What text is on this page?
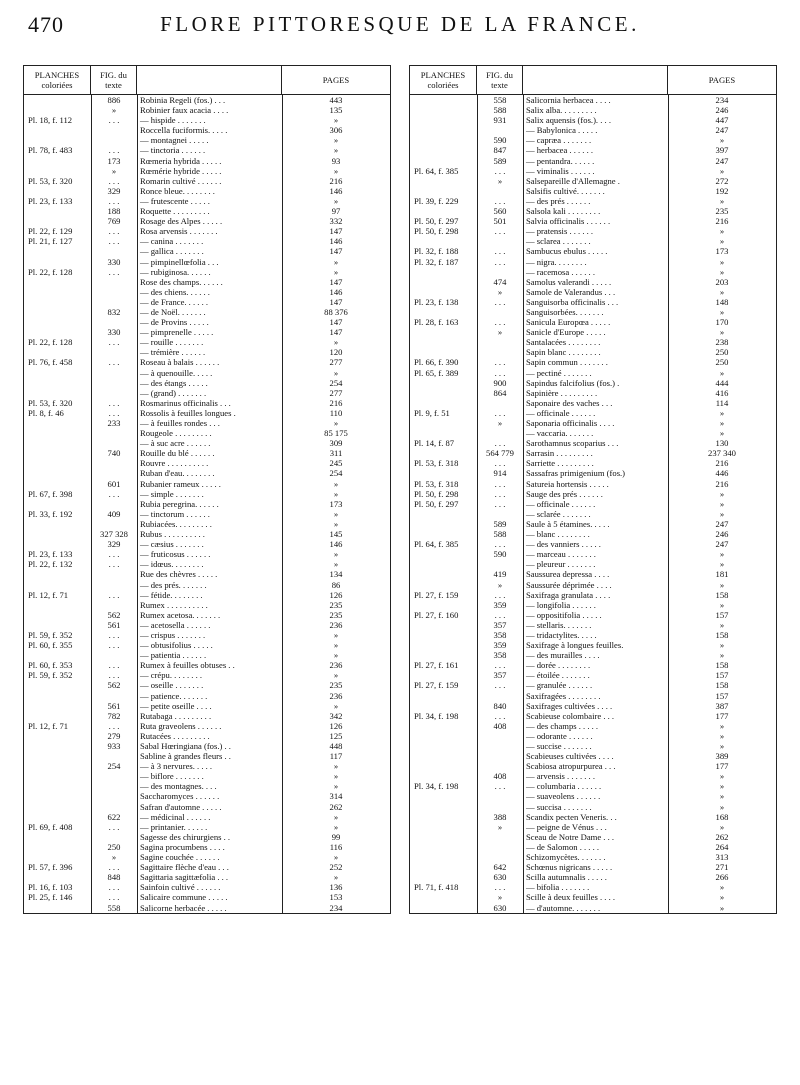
470	FLORE PITTORESQUE DE LA FRANCE.
PLANCHES coloriées
FIG. du texte	PAGES
886	Robinia Regeli (fos.) . . .	443
»	Robinier faux acacia . . . .	135
Pl. 18, f. 112	. . .	— hispide . . . . . . .	»
Roccella fuciformis. . . . .	306
— montagnei . . . . .	»
Pl. 78, f. 483	. . .	— tinctoria . . . . . .	»
173	Rœmeria hybrida . . . . .	93
»	Rœmérie hybride . . . . .	»
Pl. 53, f. 320	. . .	Romarin cultivé . . . . . .	216
329	Ronce bleue. . . . . . . .	146
Pl. 23, f. 133	. . .	— frutescente . . . . .	»
188	Roquette . . . . . . . . .	97
769	Rosage des Alpes . . . . .	332
Pl. 22, f. 129	. . .	Rosa arvensis . . . . . . .	147
Pl. 21, f. 127	. . .	— canina . . . . . . .	146
— gallica . . . . . . .	147
330	— pimpinellœfolia . . .	»
Pl. 22, f. 128	. . .	— rubiginosa. . . . . .	»
Rose des champs. . . . . .	147
— des chiens. . . . . .	146
— de France. . . . . .	147
832	— de Noël. . . . . . .	88 376
— de Provins . . . . .	147
330	— pimprenelle . . . . .	147
Pl. 22, f. 128	. . .	— rouille . . . . . . .	»
— trémière . . . . . .	120
Pl. 76, f. 458	. . .	Roseau à balais . . . . . .	277
— à quenouille. . . . .	»
— des étangs . . . . .	254
— (grand) . . . . . . .	277
Pl. 53, f. 320	. . .	Rosmarinus officinalis . . .	216
Pl. 8, f. 46	. . .	Rossolis à feuilles longues .	110
233	— à feuilles rondes . . .	»
Rougeole . . . . . . . . .	85 175
— à suc acre . . . . . .	309
740	Rouille du blé . . . . . .	311
Rouvre . . . . . . . . . .	245
Ruban d'eau. . . . . . . .	254
601	Rubanier rameux . . . . .	»
Pl. 67, f. 398	. . .	— simple . . . . . . .	»
Rubia peregrina. . . . . .	173
Pl. 33, f. 192	409	— tinctorum . . . . . .	»
Rubiacées. . . . . . . . .	»
327 328	Rubus . . . . . . . . . .	145
329	— cæsius . . . . . . .	146
Pl. 23, f. 133	. . .	— fruticosus . . . . . .	»
Pl. 22, f. 132	. . .	— idœus. . . . . . . .	»
Rue des chèvres . . . . .	134
— des prés. . . . . . .	86
Pl. 12, f. 71	. . .	— fétide. . . . . . . .	126
Rumex . . . . . . . . . .	235
562	Rumex acetosa. . . . . . .	235
561	— acetosella . . . . . .	236
Pl. 59, f. 352	. . .	— crispus . . . . . . .	»
Pl. 60, f. 355	. . .	— obtusifolius . . . . .	»
— patientia . . . . . .	»
Pl. 60, f. 353	. . .	Rumex à feuilles obtuses . .	236
Pl. 59, f. 352	. . .	— crépu. . . . . . . .	»
562	— oseille . . . . . . .	235
— patience. . . . . . .	236
561	— petite oseille . . . .	»
782	Rutabaga . . . . . . . . .	342
Pl. 12, f. 71	. . .	Ruta graveolens . . . . . .	126
279	Rutacées . . . . . . . . .	125
933	Sabal Hœringiana (fos.) . .	448
Sabline à grandes fleurs . .	117
254	— à 3 nervures. . . . .	»
— biflore . . . . . . .	»
— des montagnes. . . .	»
Saccharomyces . . . . . .	314
Safran d'automne . . . . .	262
622	— médicinal . . . . . .	»
Pl. 69, f. 408	. . .	— printanier. . . . . .	»
Sagesse des chirurgiens . .	99
250	Sagina procumbens . . . .	116
»	Sagine couchée . . . . . .	»
Pl. 57, f. 396	. . .	Sagittaire flèche d'eau . . .	252
848	Sagittaria sagittæfolia . . .	»
Pl. 16, f. 103	. . .	Sainfoin cultivé . . . . . .	136
Pl. 25, f. 146	. . .	Salicaire commune . . . . .	153
558	Salicorne herbacée . . . . .	234
PLANCHES coloriées
FIG. du texte	PAGES
558	Salicornia herbacea . . . .	234
588	Salix alba. . . . . . . . .	246
931	Salix aquensis (fos.). . . .	447
— Babylonica . . . . .	247
590	— capræa . . . . . . .	»
847	— herbacea . . . . . .	397
589	— pentandra. . . . . .	247
Pl. 64, f. 385	. . .	— viminalis . . . . . .	»
»	Salsepareille d'Allemagne .	272
Salsifis cultivé. . . . . . .	192
Pl. 39, f. 229	. . .	— des prés . . . . . .	»
560	Salsola kali . . . . . . . .	235
Pl. 50, f. 297	501	Salvia officinalis . . . . . .	216
Pl. 50, f. 298	. . .	— pratensis . . . . . .	»
— sclarea . . . . . . .	»
Pl. 32, f. 188	. . .	Sambucus ebulus . . . . .	173
Pl. 32, f. 187	. . .	— nigra. . . . . . . .	»
— racemosa . . . . . .	»
474	Samolus valerandi . . . . .	203
»	Samole de Valerandus . . .	»
Pl. 23, f. 138	. . .	Sanguisorba officinalis . . .	148
Sanguisorbées. . . . . . .	»
Pl. 28, f. 163	. . .	Sanicula Europœa . . . . .	170
»	Sanicle d'Europe . . . . .	»
Santalacées . . . . . . . .	238
Sapin blanc . . . . . . . .	250
Pl. 66, f. 390	. . .	Sapin commun . . . . . . .	250
Pl. 65, f. 389	. . .	— pectiné . . . . . . .	»
900	Sapindus falcifolius (fos.) .	444
864	Sapinière . . . . . . . . .	416
Saponaire des vaches . . .	114
Pl. 9, f. 51	. . .	— officinale . . . . . .	»
»	Saponaria officinalis . . . .	»
— vaccaria. . . . . . .	»
Pl. 14, f. 87	. . .	Sarothamnus scoparius . . .	130
564 779	Sarrasin . . . . . . . . .	237 340
Pl. 53, f. 318	. . .	Sarriette . . . . . . . . .	216
914	Sassafras primigenium (fos.)	446
Pl. 53, f. 318	. . .	Satureia hortensis . . . . .	216
Pl. 50, f. 298	. . .	Sauge des prés . . . . . .	»
Pl. 50, f. 297	. . .	— officinale . . . . . .	»
— sclarée . . . . . . .	»
589	Saule à 5 étamines. . . . .	247
588	— blanc . . . . . . . .	246
Pl. 64, f. 385	. . .	— des vanniers . . . . .	247
590	— marceau . . . . . . .	»
— pleureur . . . . . . .	»
419	Saussurea depressa . . . .	181
»	Saussurée déprimée . . . .	»
Pl. 27, f. 159	. . .	Saxifraga granulata . . . .	158
359	— longifolia . . . . . .	»
Pl. 27, f. 160	. . .	— oppositifolia . . . . .	157
357	— stellaris. . . . . . .	»
358	— tridactylites. . . . .	158
359	Saxifrage à longues feuilles.	»
358	— des murailles . . . .	»
Pl. 27, f. 161	. . .	— dorée . . . . . . . .	158
357	— étoilée . . . . . . .	157
Pl. 27, f. 159	. . .	— granulée . . . . . .	158
Saxifragées . . . . . . . .	157
840	Saxifrages cultivées . . . .	387
Pl. 34, f. 198	. . .	Scabieuse colombaire . . .	177
408	— des champs . . . . .	»
— odorante . . . . . .	»
— succise . . . . . . .	»
Scabieuses cultivées . . . .	389
Scabiosa atropurpurea . . .	177
408	— arvensis . . . . . . .	»
Pl. 34, f. 198	. . .	— columbaria . . . . . .	»
— suaveolens . . . . . .	»
— succisa . . . . . . .	»
388	Scandix pecten Veneris. . .	168
»	— peigne de Vénus . . .	»
Sceau de Notre Dame . . .	262
— de Salomon . . . . .	264
Schizomycètes. . . . . . .	313
642	Schœnus nigricans . . . . .	271
630	Scilla autumnalis . . . . .	266
Pl. 71, f. 418	. . .	— bifolia . . . . . . .	»
»	Scille à deux feuilles . . . .	»
630	— d'automne. . . . . . .	»
